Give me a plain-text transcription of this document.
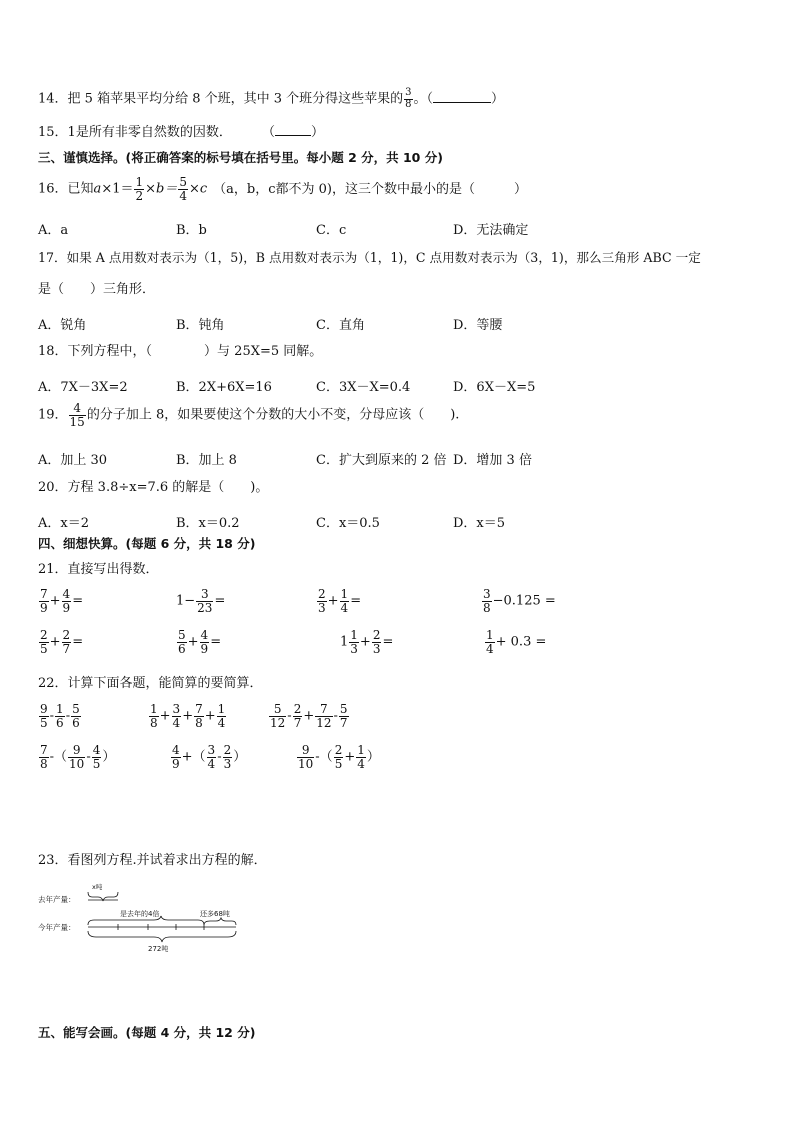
14．把 5 箱苹果平均分给 8 个班，其中 3 个班分得这些苹果的 $\frac{3}{8}$ 。（	）
15．1是所有非零自然数的因数． （	）
三、谨慎选择。(将正确答案的标号填在括号里。每小题 2 分，共 10 分)
16．已知$a\times 1= \frac{1}{2} \times b= \frac{5}{4} \times c$ （a，b，c都不为 0)，这三个数中最小的是（　　　）
A．a	B．b	C．c	D．无法确定
17．如果 A 点用数对表示为（1，5)，B 点用数对表示为（1，1)，C 点用数对表示为（3，1)，那么三角形 ABC 一定
是（　　）三角形．
A．锐角	B．钝角	C．直角	D．等腰
18．下列方程中，（　　　　）与 25X=5 同解。
A．7X－3X=2	B．2X+6X=16	C．3X－X=0.4	D．6X－X=5
19． $\frac{4}{15}$ 的分子加上 8，如果要使这个分数的大小不变，分母应该（　　).
A．加上 30	B．加上 8	C．扩大到原来的 2 倍 D．增加 3 倍
20．方程 3.8÷x=7.6 的解是（　　)。
A．x＝2	B．x＝0.2	C．x＝0.5	D．x＝5
四、细想快算。(每题 6 分，共 18 分)
21．直接写出得数．
$\frac{7}{9} + \frac{4}{9}$ =	$1- \frac{3}{23}$ =	$\frac{2}{3} + \frac{1}{4}$ =	$\frac{3}{8} -0.125$ =
$\frac{2}{5} + \frac{2}{7}$ =	$\frac{5}{6} + \frac{4}{9}$ =	$1 \frac{1}{3} + \frac{2}{3}$ =	$\frac{1}{4} + 0.3$ =
22．计算下面各题，能简算的要简算．
$\frac{9}{5} - \frac{1}{6} - \frac{5}{6}$	$\frac{1}{8} + \frac{3}{4} + \frac{7}{8} + \frac{1}{4}$	$\frac{5}{12} - \frac{2}{7} + \frac{7}{12} - \frac{5}{7}$
$\frac{7}{8}$ -（ $\frac{9}{10} - \frac{4}{5}$ ）	$\frac{4}{9}$ +（ $\frac{3}{4} - \frac{2}{3}$ ）	$\frac{9}{10}$ -（ $\frac{2}{5} + \frac{1}{4}$ ）
23．看图列方程.并试着求出方程的解．
去年产量：
x吨
今年产量：
是去年的4倍	还多68吨
272吨
五、能写会画。(每题 4 分，共 12 分)
